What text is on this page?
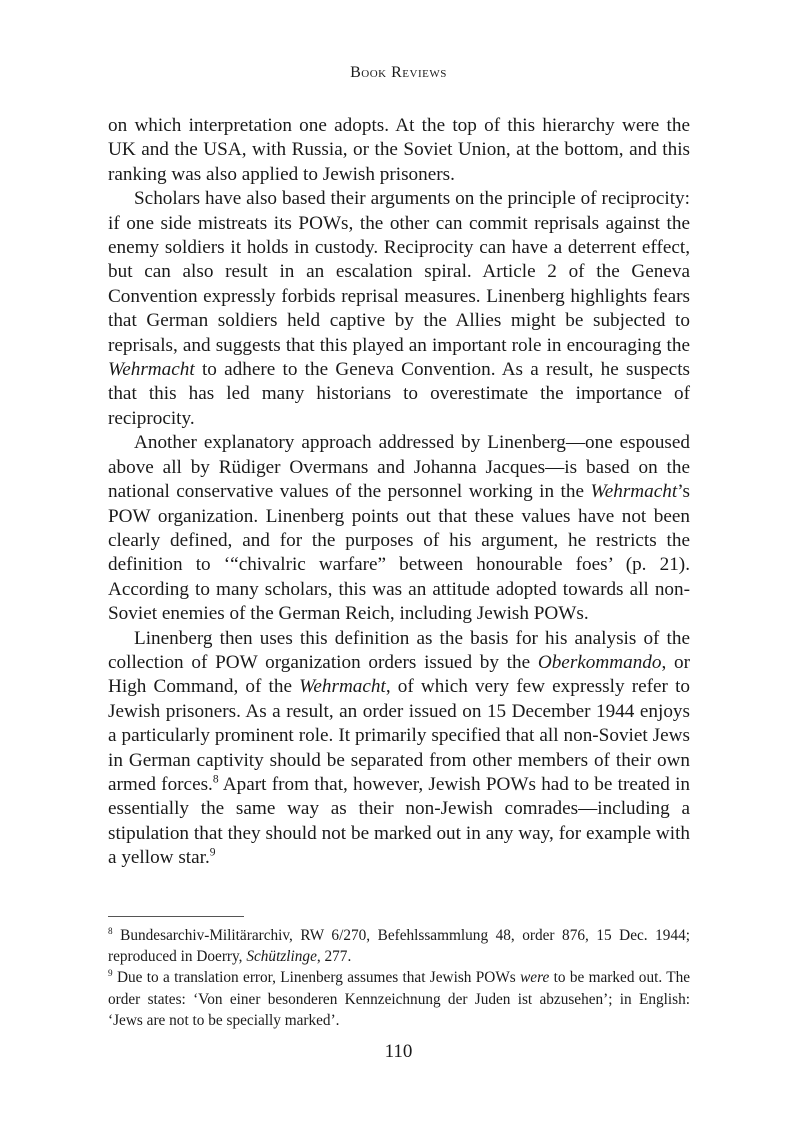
Book Reviews

on which interpretation one adopts. At the top of this hierarchy were the UK and the USA, with Russia, or the Soviet Union, at the bottom, and this ranking was also applied to Jewish prisoners.

Scholars have also based their arguments on the principle of reciprocity: if one side mistreats its POWs, the other can commit reprisals against the enemy soldiers it holds in custody. Reciprocity can have a deterrent effect, but can also result in an escalation spiral. Article 2 of the Geneva Convention expressly forbids reprisal measures. Linenberg highlights fears that German soldiers held captive by the Allies might be subjected to reprisals, and suggests that this played an important role in encouraging the Wehrmacht to adhere to the Geneva Convention. As a result, he suspects that this has led many historians to overestimate the importance of reciprocity.

Another explanatory approach addressed by Linenberg—one espoused above all by Rüdiger Overmans and Johanna Jacques—is based on the national conservative values of the personnel working in the Wehrmacht’s POW organization. Linenberg points out that these values have not been clearly defined, and for the purposes of his argument, he restricts the definition to ‘“chivalric warfare” between honourable foes’ (p. 21). According to many scholars, this was an attitude adopted towards all non-Soviet enemies of the German Reich, including Jewish POWs.

Linenberg then uses this definition as the basis for his analysis of the collection of POW organization orders issued by the Oberkommando, or High Command, of the Wehrmacht, of which very few expressly refer to Jewish prisoners. As a result, an order issued on 15 December 1944 enjoys a particularly prominent role. It primarily specified that all non-Soviet Jews in German captivity should be separated from other members of their own armed forces.$^8$ Apart from that, however, Jewish POWs had to be treated in essentially the same way as their non-Jewish comrades—including a stipulation that they should not be marked out in any way, for example with a yellow star.$^9$

$^8$ Bundesarchiv-Militärarchiv, RW 6/270, Befehlssammlung 48, order 876, 15 Dec. 1944; reproduced in Doerry, Schützlinge, 277.

$^9$ Due to a translation error, Linenberg assumes that Jewish POWs were to be marked out. The order states: ‘Von einer besonderen Kennzeichnung der Juden ist abzusehen’; in English: ‘Jews are not to be specially marked’.

110
